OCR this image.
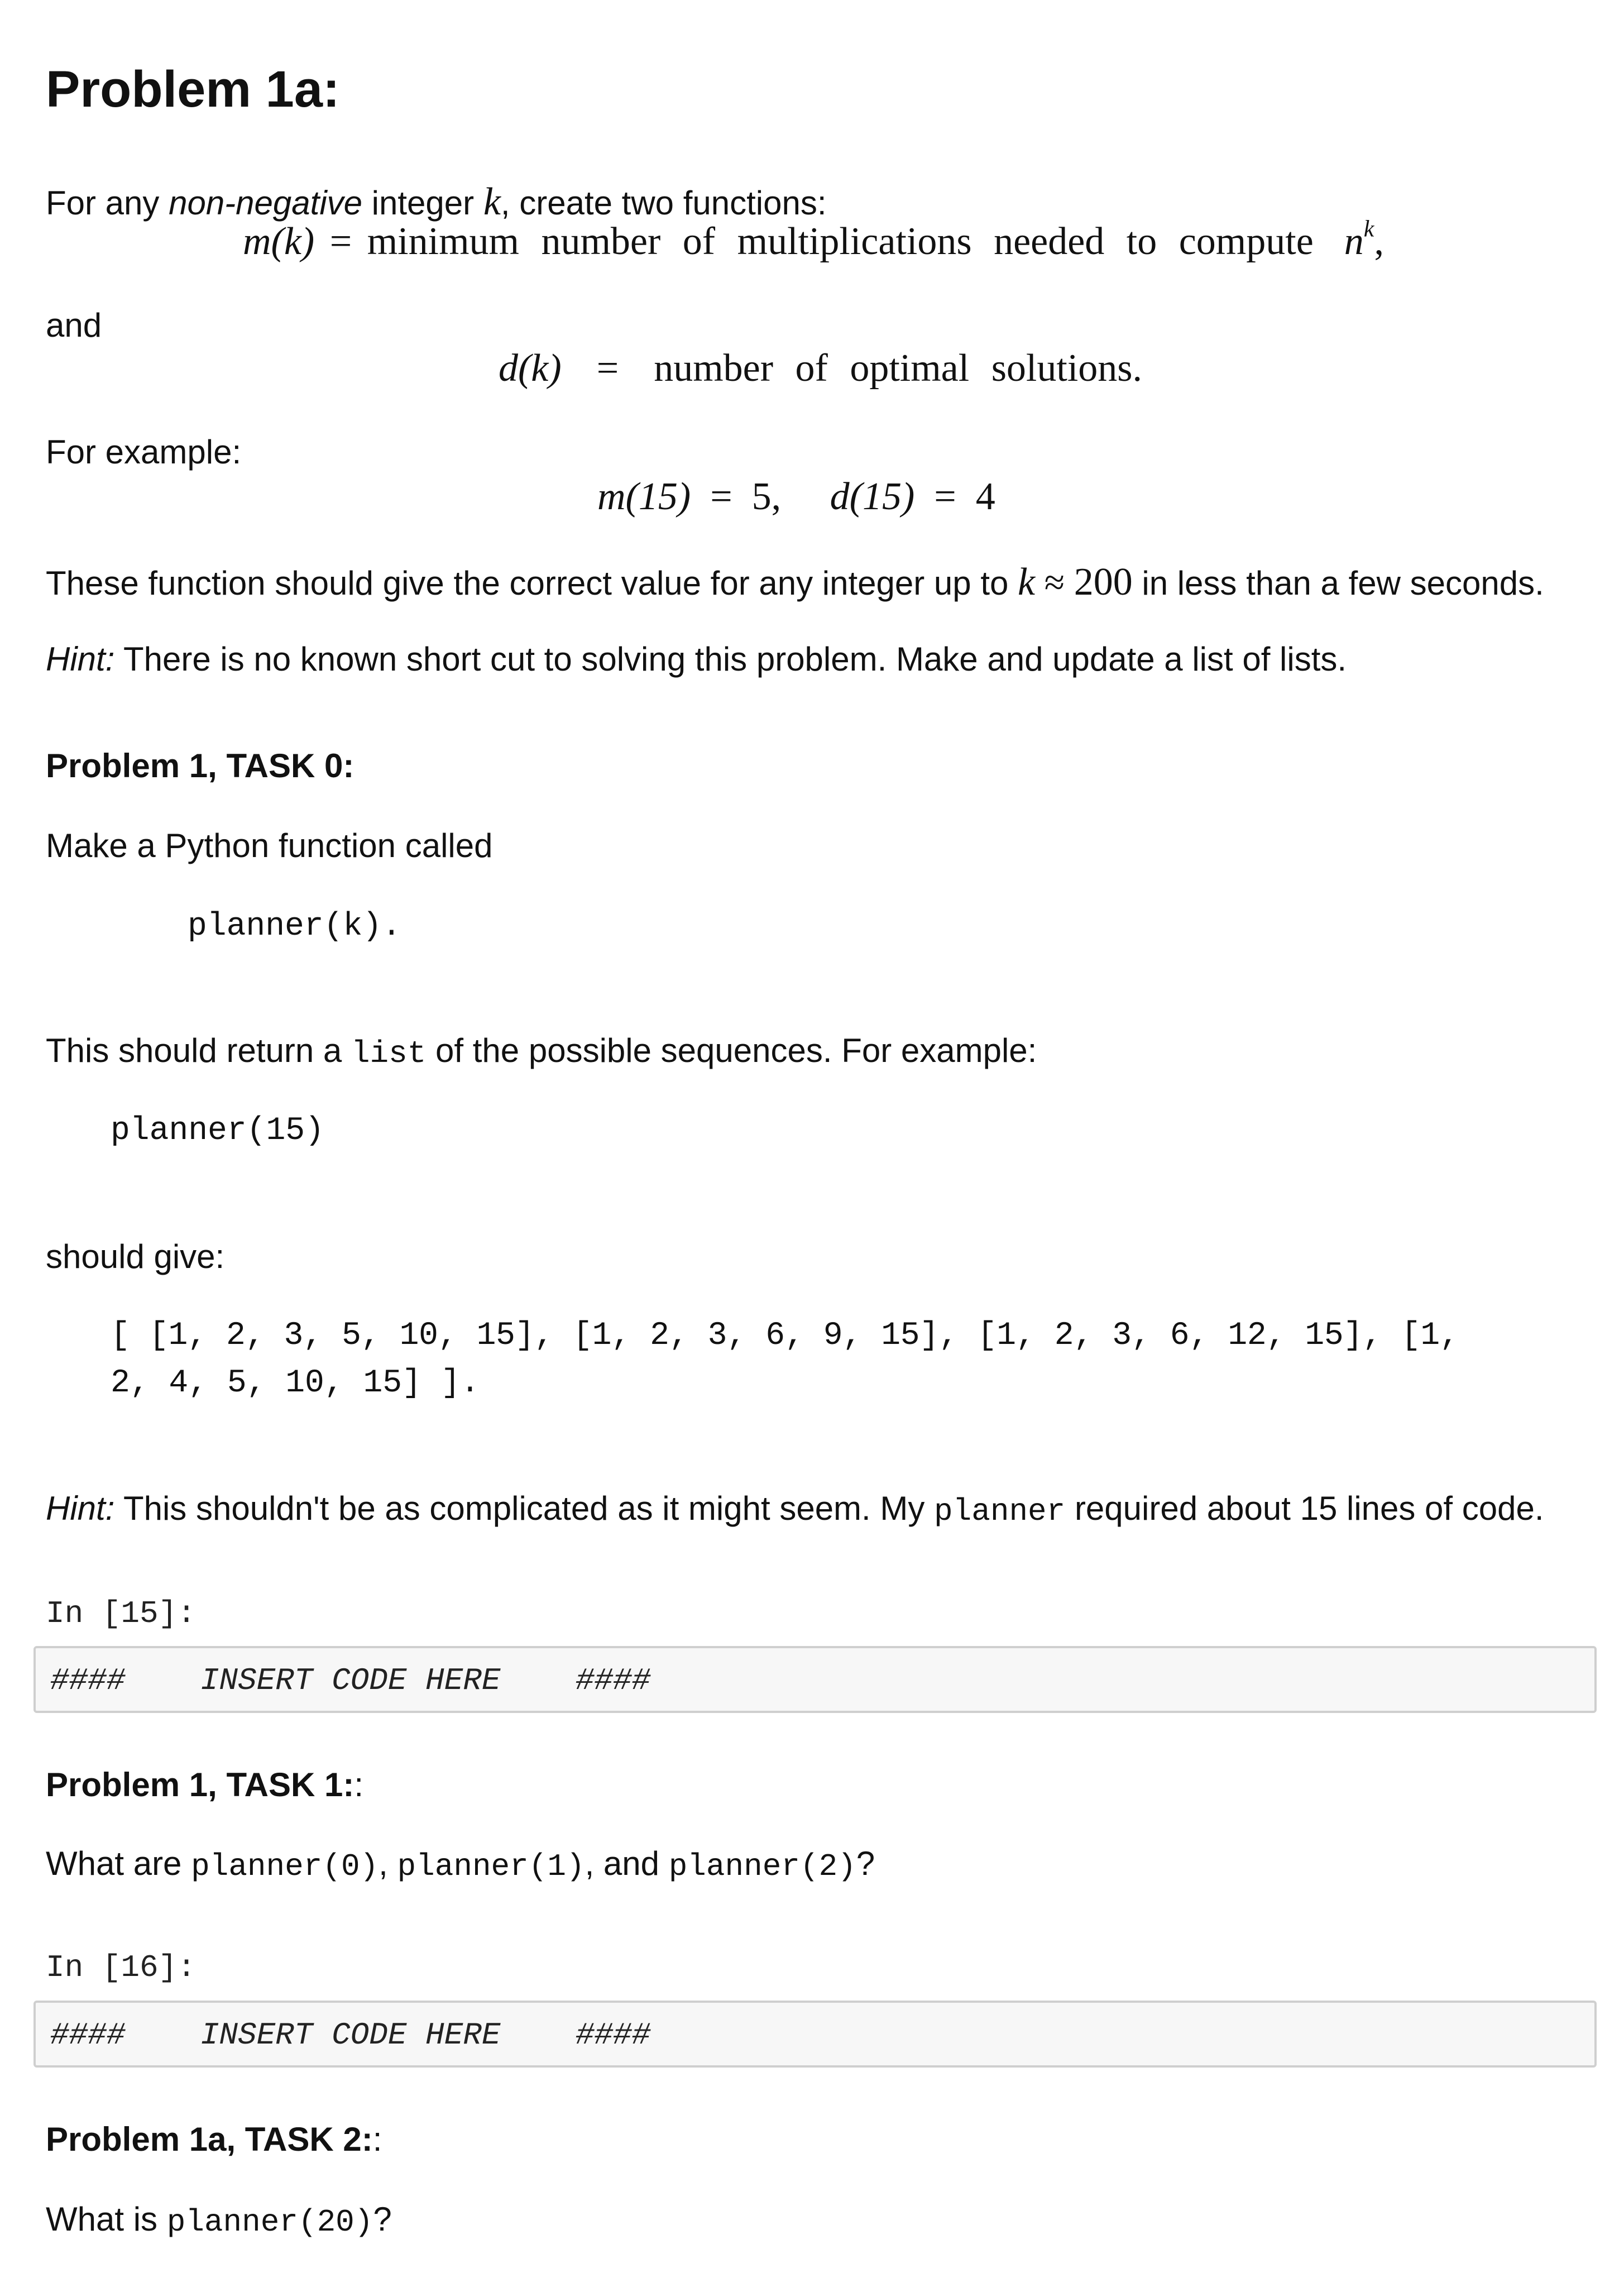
Problem 1a:
For any non-negative integer k, create two functions:
m(k) = minimum number of multiplications needed to compute $n^k$,
and
d(k) = number of optimal solutions.
For example:
m(15) = 5, d(15) = 4
These function should give the correct value for any integer up to k ≈ 200 in less than a few seconds.
Hint: There is no known short cut to solving this problem. Make and update a list of lists.
Problem 1, TASK 0:
Make a Python function called
planner(k).
This should return a list of the possible sequences. For example:
planner(15)
should give:
[ [1, 2, 3, 5, 10, 15], [1, 2, 3, 6, 9, 15], [1, 2, 3, 6, 12, 15], [1,
2, 4, 5, 10, 15] ].
Hint: This shouldn't be as complicated as it might seem. My planner required about 15 lines of code.
In [15]:
####    INSERT CODE HERE    ####
Problem 1, TASK 1::
What are planner(0), planner(1), and planner(2)?
In [16]:
####    INSERT CODE HERE    ####
Problem 1a, TASK 2::
What is planner(20)?
